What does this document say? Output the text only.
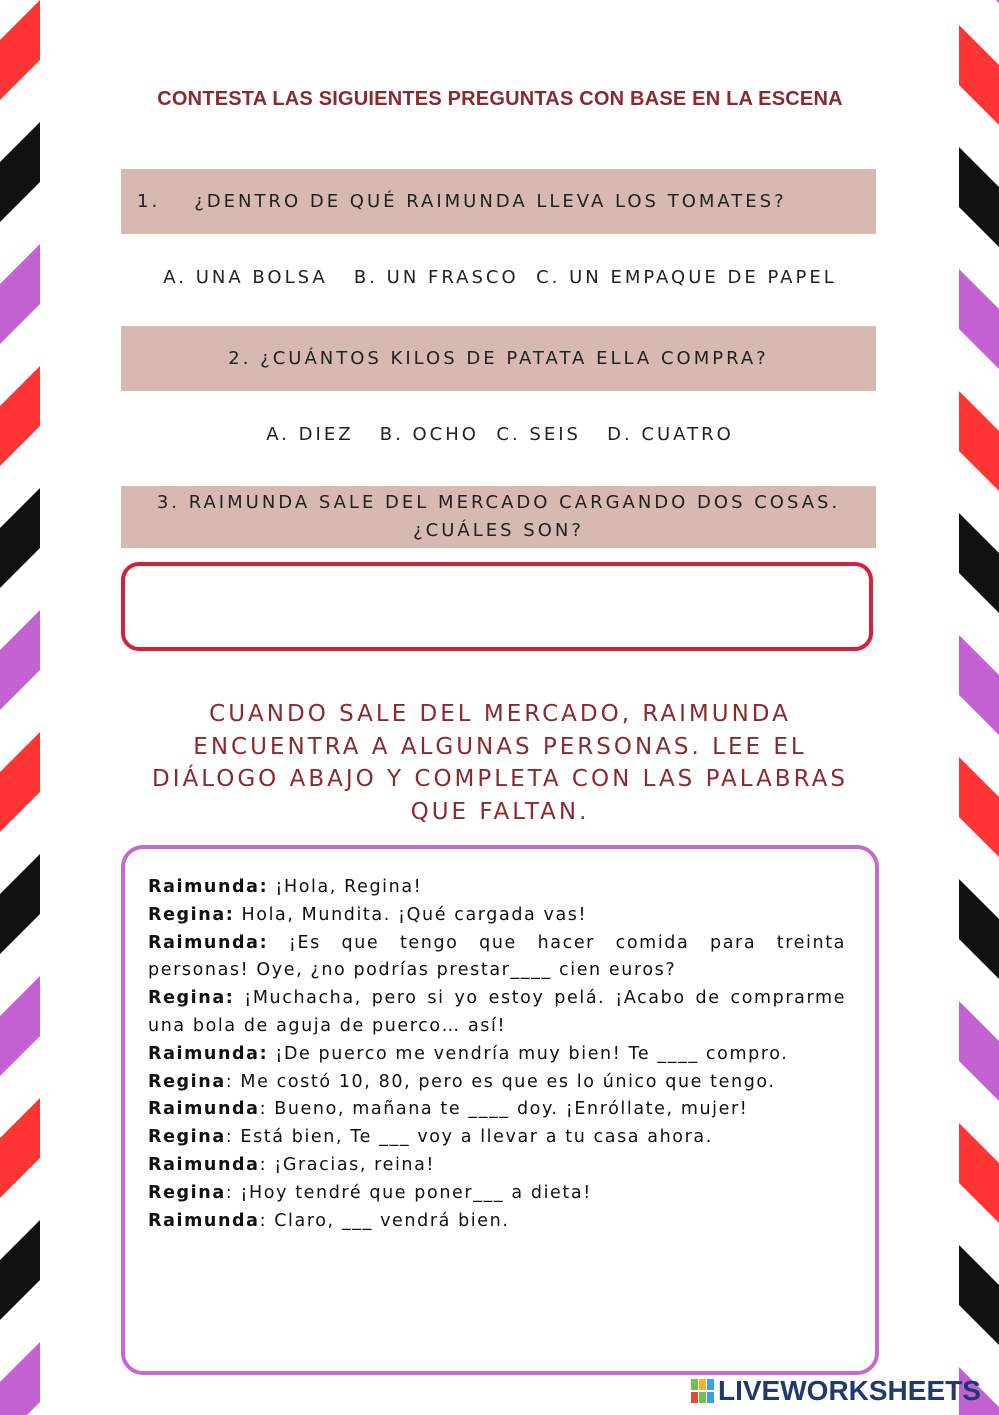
CONTESTA LAS SIGUIENTES PREGUNTAS CON BASE EN LA ESCENA
1. ¿DENTRO DE QUÉ RAIMUNDA LLEVA LOS TOMATES?
A. UNA BOLSA B. UN FRASCO C. UN EMPAQUE DE PAPEL
2. ¿CUÁNTOS KILOS DE PATATA ELLA COMPRA?
A. DIEZ B. OCHO C. SEIS D. CUATRO
3. RAIMUNDA SALE DEL MERCADO CARGANDO DOS COSAS.
¿CUÁLES SON?
CUANDO SALE DEL MERCADO, RAIMUNDA
ENCUENTRA A ALGUNAS PERSONAS. LEE EL
DIÁLOGO ABAJO Y COMPLETA CON LAS PALABRAS
QUE FALTAN.

Raimunda: ¡Hola, Regina!

Regina: Hola, Mundita. ¡Qué cargada vas!

Raimunda: ¡Es que tengo que hacer comida para treinta personas! Oye, ¿no podrías prestar____ cien euros?

Regina: ¡Muchacha, pero si yo estoy pelá. ¡Acabo de comprarme una bola de aguja de puerco… así!

Raimunda: ¡De puerco me vendría muy bien! Te ____ compro.

Regina: Me costó 10, 80, pero es que es lo único que tengo.

Raimunda: Bueno, mañana te ____ doy. ¡Enróllate, mujer!

Regina: Está bien, Te ___ voy a llevar a tu casa ahora.

Raimunda: ¡Gracias, reina!

Regina: ¡Hoy tendré que poner___ a dieta!

Raimunda: Claro, ___ vendrá bien.

LIVEWORKSHEETS
